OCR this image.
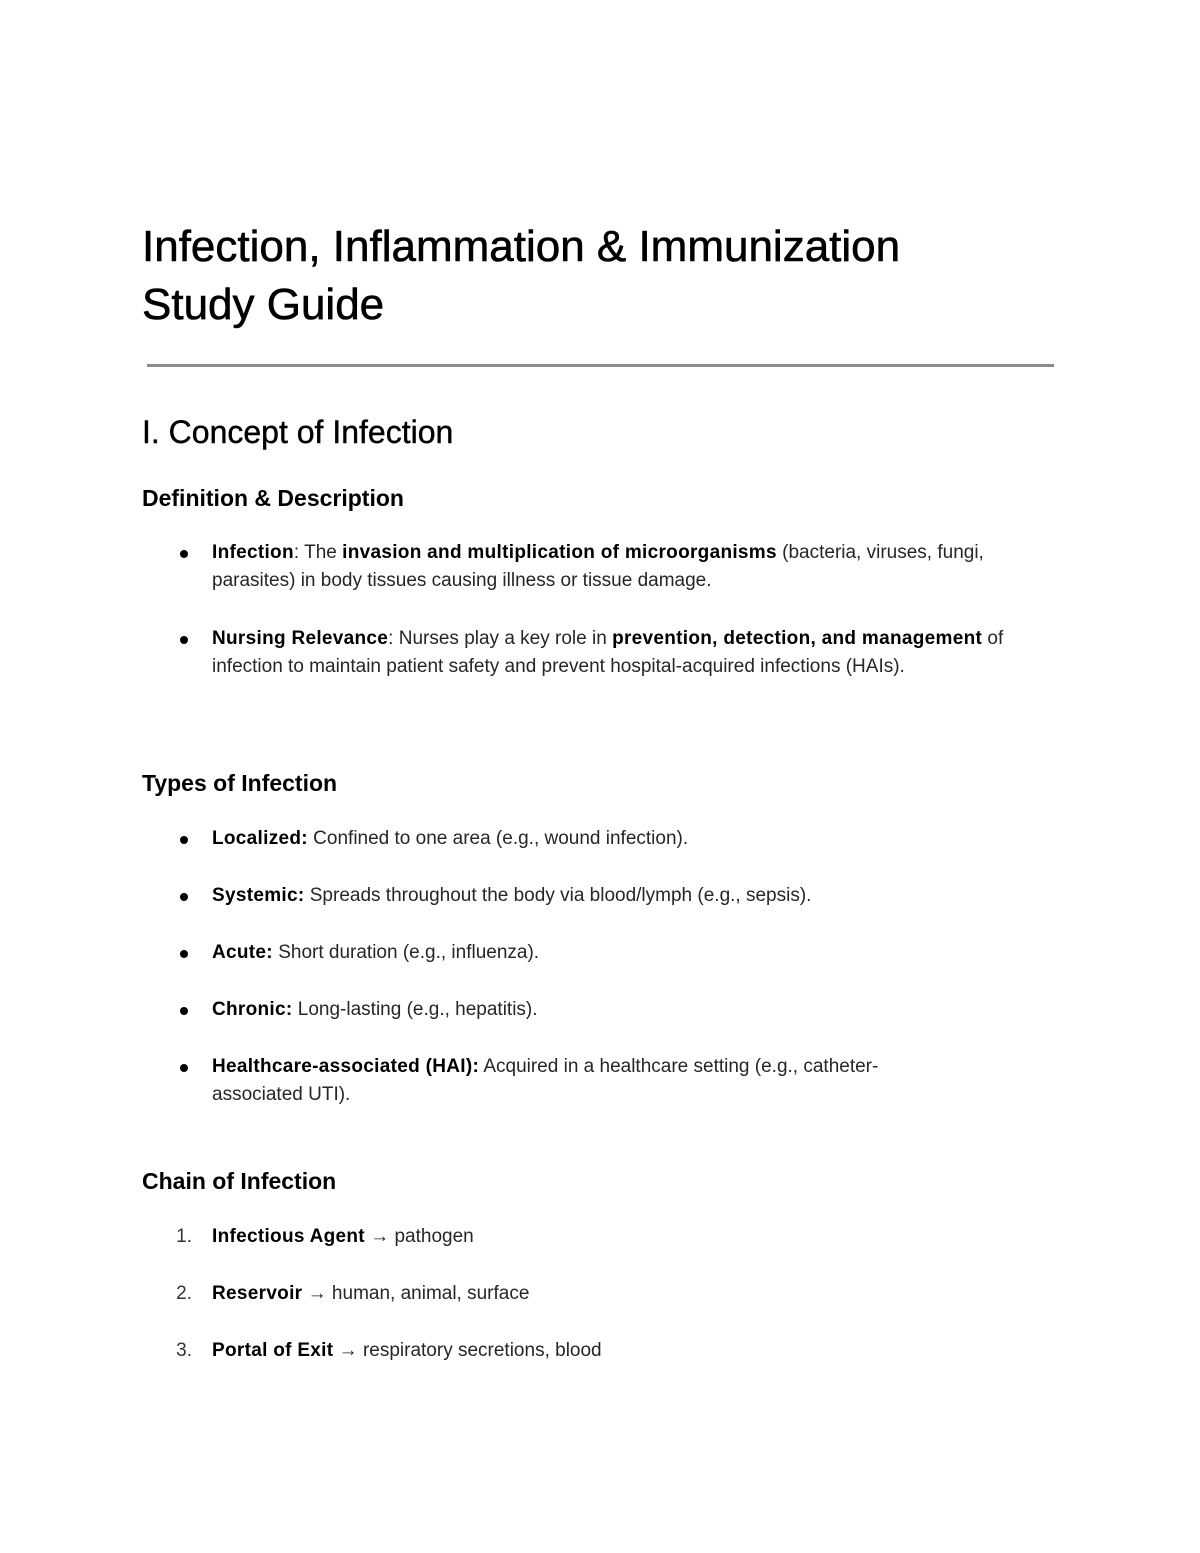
Infection, Inflammation & Immunization
Study Guide
I. Concept of Infection
Definition & Description
Infection: The invasion and multiplication of microorganisms (bacteria, viruses, fungi, parasites) in body tissues causing illness or tissue damage.
Nursing Relevance: Nurses play a key role in prevention, detection, and management of infection to maintain patient safety and prevent hospital-acquired infections (HAIs).
Types of Infection
Localized: Confined to one area (e.g., wound infection).
Systemic: Spreads throughout the body via blood/lymph (e.g., sepsis).
Acute: Short duration (e.g., influenza).
Chronic: Long-lasting (e.g., hepatitis).
Healthcare-associated (HAI): Acquired in a healthcare setting (e.g., catheter-associated UTI).
Chain of Infection
1. Infectious Agent → pathogen
2. Reservoir → human, animal, surface
3. Portal of Exit → respiratory secretions, blood
